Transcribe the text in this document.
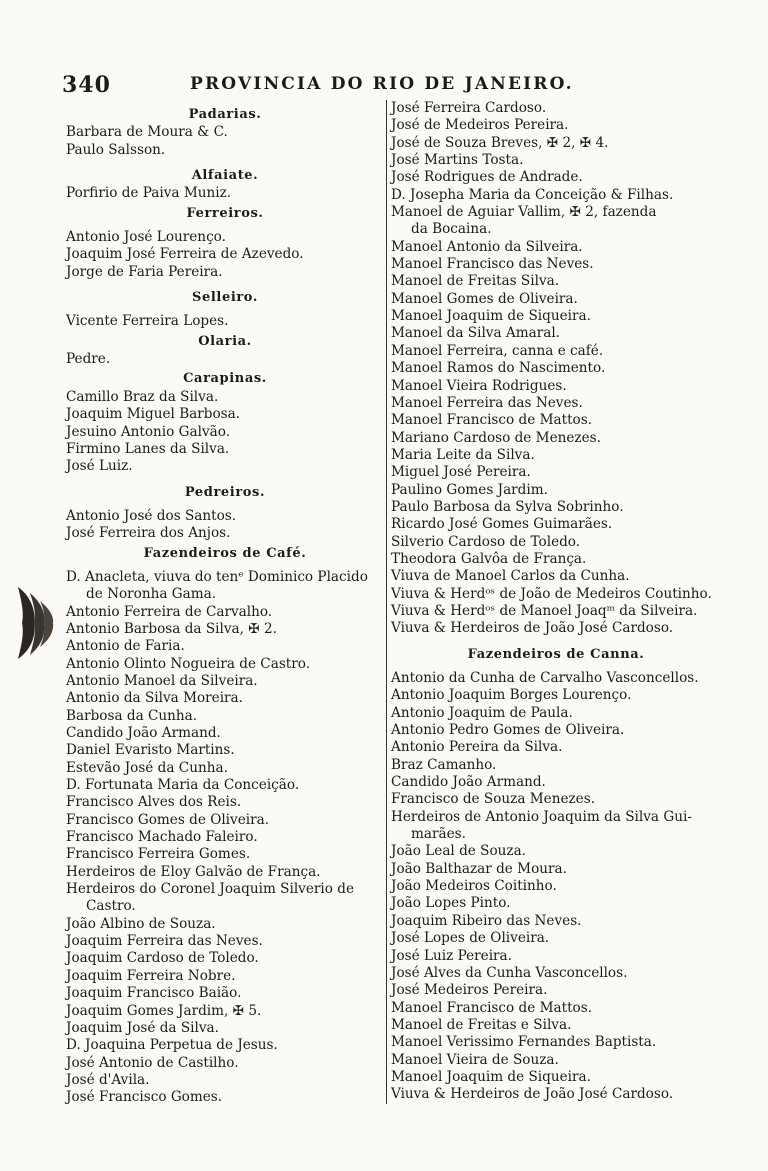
340	PROVINCIA DO RIO DE JANEIRO.
Padarias.
Barbara de Moura & C.
Paulo Salsson.
Alfaiate.
Porfirio de Paiva Muniz.
Ferreiros.
Antonio José Lourenço.
Joaquim José Ferreira de Azevedo.
Jorge de Faria Pereira.
Selleiro.
Vicente Ferreira Lopes.
Olaria.
Pedre.
Carapinas.
Camillo Braz da Silva.
Joaquim Miguel Barbosa.
Jesuino Antonio Galvão.
Firmino Lanes da Silva.
José Luiz.
Pedreiros.
Antonio José dos Santos.
José Ferreira dos Anjos.
Fazendeiros de Café.
D. Anacleta, viuva do tenᵉ Dominico Placido
de Noronha Gama.
Antonio Ferreira de Carvalho.
Antonio Barbosa da Silva, ✠ 2.
Antonio de Faria.
Antonio Olinto Nogueira de Castro.
Antonio Manoel da Silveira.
Antonio da Silva Moreira.
Barbosa da Cunha.
Candido João Armand.
Daniel Evaristo Martins.
Estevão José da Cunha.
D. Fortunata Maria da Conceição.
Francisco Alves dos Reis.
Francisco Gomes de Oliveira.
Francisco Machado Faleiro.
Francisco Ferreira Gomes.
Herdeiros de Eloy Galvão de França.
Herdeiros do Coronel Joaquim Silverio de
Castro.
João Albino de Souza.
Joaquim Ferreira das Neves.
Joaquim Cardoso de Toledo.
Joaquim Ferreira Nobre.
Joaquim Francisco Baião.
Joaquim Gomes Jardim, ✠ 5.
Joaquim José da Silva.
D. Joaquina Perpetua de Jesus.
José Antonio de Castilho.
José d'Avila.
José Francisco Gomes.
José Ferreira Cardoso.
José de Medeiros Pereira.
José de Souza Breves, ✠ 2, ✠ 4.
José Martins Tosta.
José Rodrigues de Andrade.
D. Josepha Maria da Conceição & Filhas.
Manoel de Aguiar Vallim, ✠ 2, fazenda
da Bocaina.
Manoel Antonio da Silveira.
Manoel Francisco das Neves.
Manoel de Freitas Silva.
Manoel Gomes de Oliveira.
Manoel Joaquim de Siqueira.
Manoel da Silva Amaral.
Manoel Ferreira, canna e café.
Manoel Ramos do Nascimento.
Manoel Vieira Rodrigues.
Manoel Ferreira das Neves.
Manoel Francisco de Mattos.
Mariano Cardoso de Menezes.
Maria Leite da Silva.
Miguel José Pereira.
Paulino Gomes Jardim.
Paulo Barbosa da Sylva Sobrinho.
Ricardo José Gomes Guimarães.
Silverio Cardoso de Toledo.
Theodora Galvôa de França.
Viuva de Manoel Carlos da Cunha.
Viuva & Herdᵒˢ de João de Medeiros Coutinho.
Viuva & Herdᵒˢ de Manoel Joaqᵐ da Silveira.
Viuva & Herdeiros de João José Cardoso.
Fazendeiros de Canna.
Antonio da Cunha de Carvalho Vasconcellos.
Antonio Joaquim Borges Lourenço.
Antonio Joaquim de Paula.
Antonio Pedro Gomes de Oliveira.
Antonio Pereira da Silva.
Braz Camanho.
Candido João Armand.
Francisco de Souza Menezes.
Herdeiros de Antonio Joaquim da Silva Gui-
marães.
João Leal de Souza.
João Balthazar de Moura.
João Medeiros Coitinho.
João Lopes Pinto.
Joaquim Ribeiro das Neves.
José Lopes de Oliveira.
José Luiz Pereira.
José Alves da Cunha Vasconcellos.
José Medeiros Pereira.
Manoel Francisco de Mattos.
Manoel de Freitas e Silva.
Manoel Verissimo Fernandes Baptista.
Manoel Vieira de Souza.
Manoel Joaquim de Siqueira.
Viuva & Herdeiros de João José Cardoso.
